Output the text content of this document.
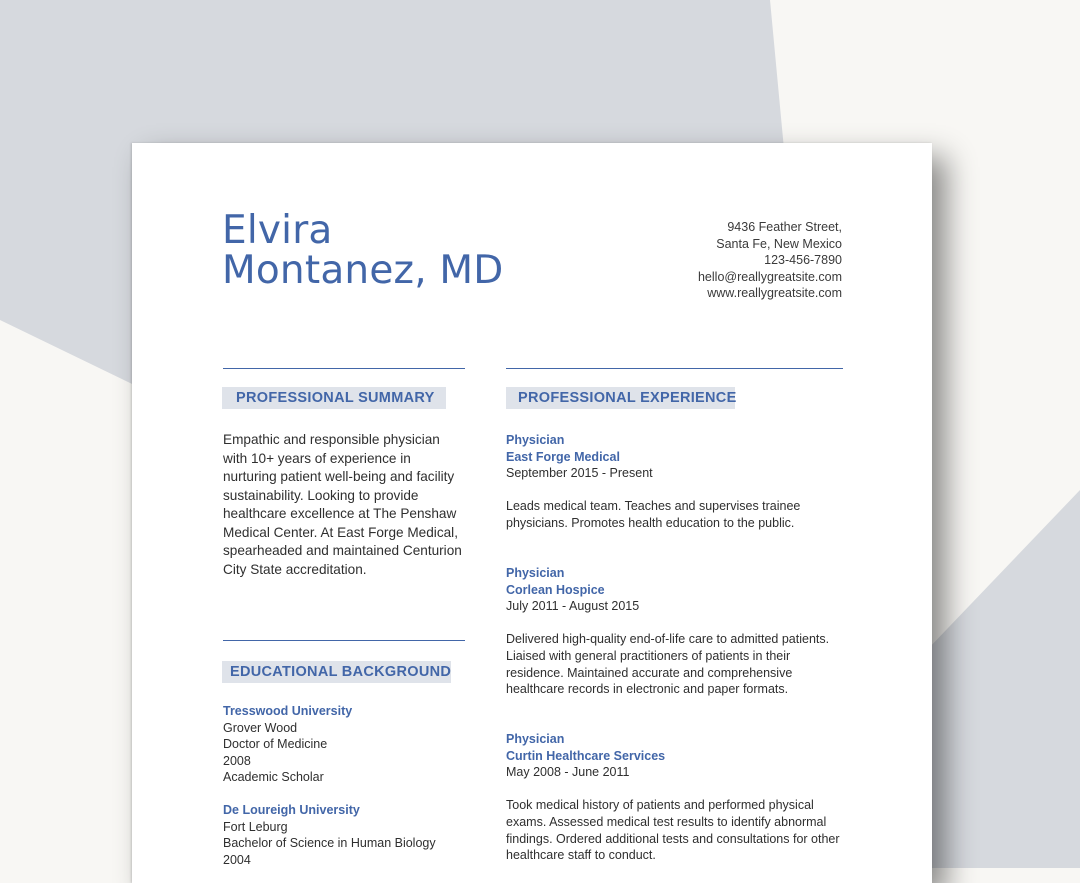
Elvira
Montanez, MD
9436 Feather Street,
Santa Fe, New Mexico
123-456-7890
hello@reallygreatsite.com
www.reallygreatsite.com
PROFESSIONAL SUMMARY

Empathic and responsible physician with 10+ years of experience in nurturing patient well-being and facility sustainability. Looking to provide healthcare excellence at The Penshaw Medical Center. At East Forge Medical, spearheaded and maintained Centurion City State accreditation.

EDUCATIONAL BACKGROUND
Tresswood University
Grover Wood
Doctor of Medicine
2008
Academic Scholar
De Loureigh University
Fort Leburg
Bachelor of Science in Human Biology
2004
PROFESSIONAL EXPERIENCE
Physician
East Forge Medical
September 2015 - Present
Leads medical team. Teaches and supervises trainee physicians. Promotes health education to the public.
Physician
Corlean Hospice
July 2011 - August 2015
Delivered high-quality end-of-life care to admitted patients. Liaised with general practitioners of patients in their residence. Maintained accurate and comprehensive healthcare records in electronic and paper formats.
Physician
Curtin Healthcare Services
May 2008 - June 2011
Took medical history of patients and performed physical exams. Assessed medical test results to identify abnormal findings. Ordered additional tests and consultations for other healthcare staff to conduct.
